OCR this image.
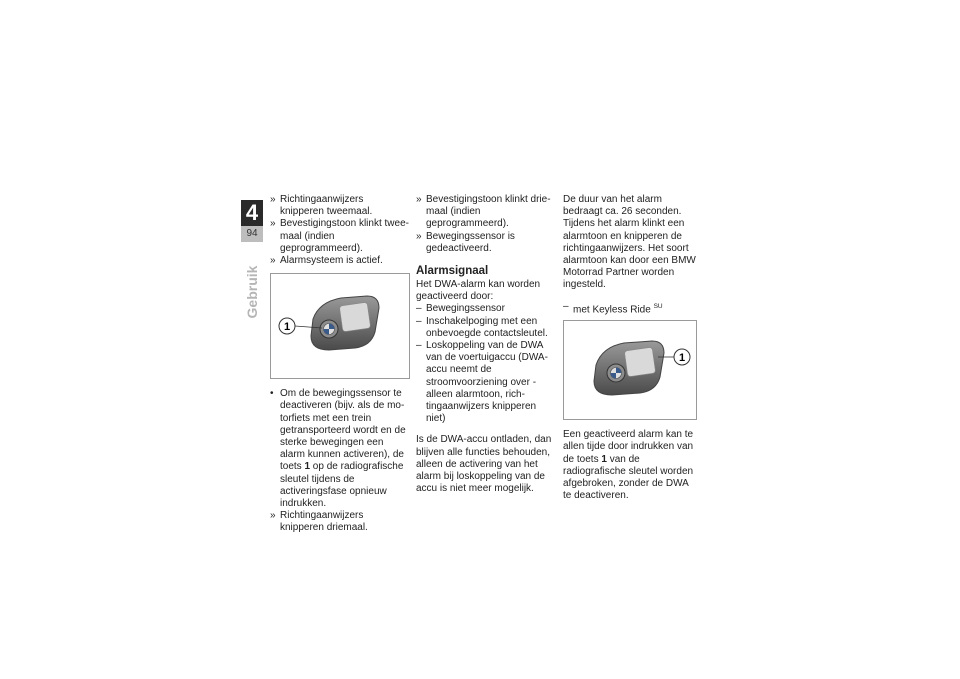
4
94
Gebruik

» Richtingaanwijzers knipperen tweemaal.

» Bevestigingstoon klinkt tweemaal (indien geprogrammeerd).

» Alarmsysteem is actief.

1

• Om de bewegingssensor te deactiveren (bijv. als de motorfiets met een trein getransporteerd wordt en de sterke bewegingen een alarm kunnen activeren), de toets 1 op de radiografische sleutel tijdens de activeringsfase opnieuw indrukken.

» Richtingaanwijzers knipperen driemaal.

» Bevestigingstoon klinkt driemaal (indien geprogrammeerd).

» Bewegingssensor is gedeactiveerd.

Alarmsignaal

Het DWA-alarm kan worden geactiveerd door:

– Bewegingssensor

– Inschakelpoging met een onbevoegde contactsleutel.

– Loskoppeling van de DWA van de voertuigaccu (DWA-accu neemt de stroomvoorziening over - alleen alarmtoon, richtingaanwijzers knipperen niet)

Is de DWA-accu ontladen, dan blijven alle functies behouden, alleen de activering van het alarm bij loskoppeling van de accu is niet meer mogelijk.

De duur van het alarm bedraagt ca. 26 seconden. Tijdens het alarm klinkt een alarmtoon en knipperen de richtingaanwijzers. Het soort alarmtoon kan door een BMW Motorrad Partner worden ingesteld.

– met Keyless Ride $^{SU}$

1

Een geactiveerd alarm kan te allen tijde door indrukken van de toets 1 van de radiografische sleutel worden afgebroken, zonder de DWA te deactiveren.
